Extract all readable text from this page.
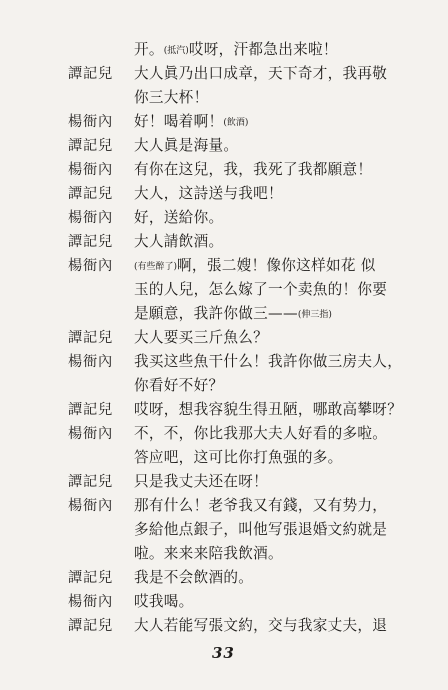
开。(抵汽)哎呀，汗都急出来啦！
譚記兒	大人眞乃出口成章，天下奇才，我再敬
你三大杯！
楊衙內	好！喝着啊！(飲酒)
譚記兒	大人眞是海量。
楊衙內	有你在这兒，我，我死了我都願意！
譚記兒	大人，这詩送与我吧！
楊衙內	好，送給你。
譚記兒	大人請飲酒。
楊衙內	(有些醉了)啊，張二嫂！像你这样如花 似
玉的人兒，怎么嫁了一个卖魚的！你要
是願意，我許你做三——(伸三指)
譚記兒	大人要买三斤魚么？
楊衙內	我买这些魚干什么！我許你做三房夫人，
你看好不好？
譚記兒	哎呀，想我容貌生得丑陋，哪敢高攀呀？
楊衙內	不，不，你比我那大夫人好看的多啦。
答应吧，这可比你打魚强的多。
譚記兒	只是我丈夫还在呀！
楊衙內	那有什么！老爷我又有錢，又有势力，
多給他点銀子，叫他写張退婚文約就是
啦。来来来陪我飲酒。
譚記兒	我是不会飲酒的。
楊衙內	哎我喝。
譚記兒	大人若能写張文約，交与我家丈夫，退
33
